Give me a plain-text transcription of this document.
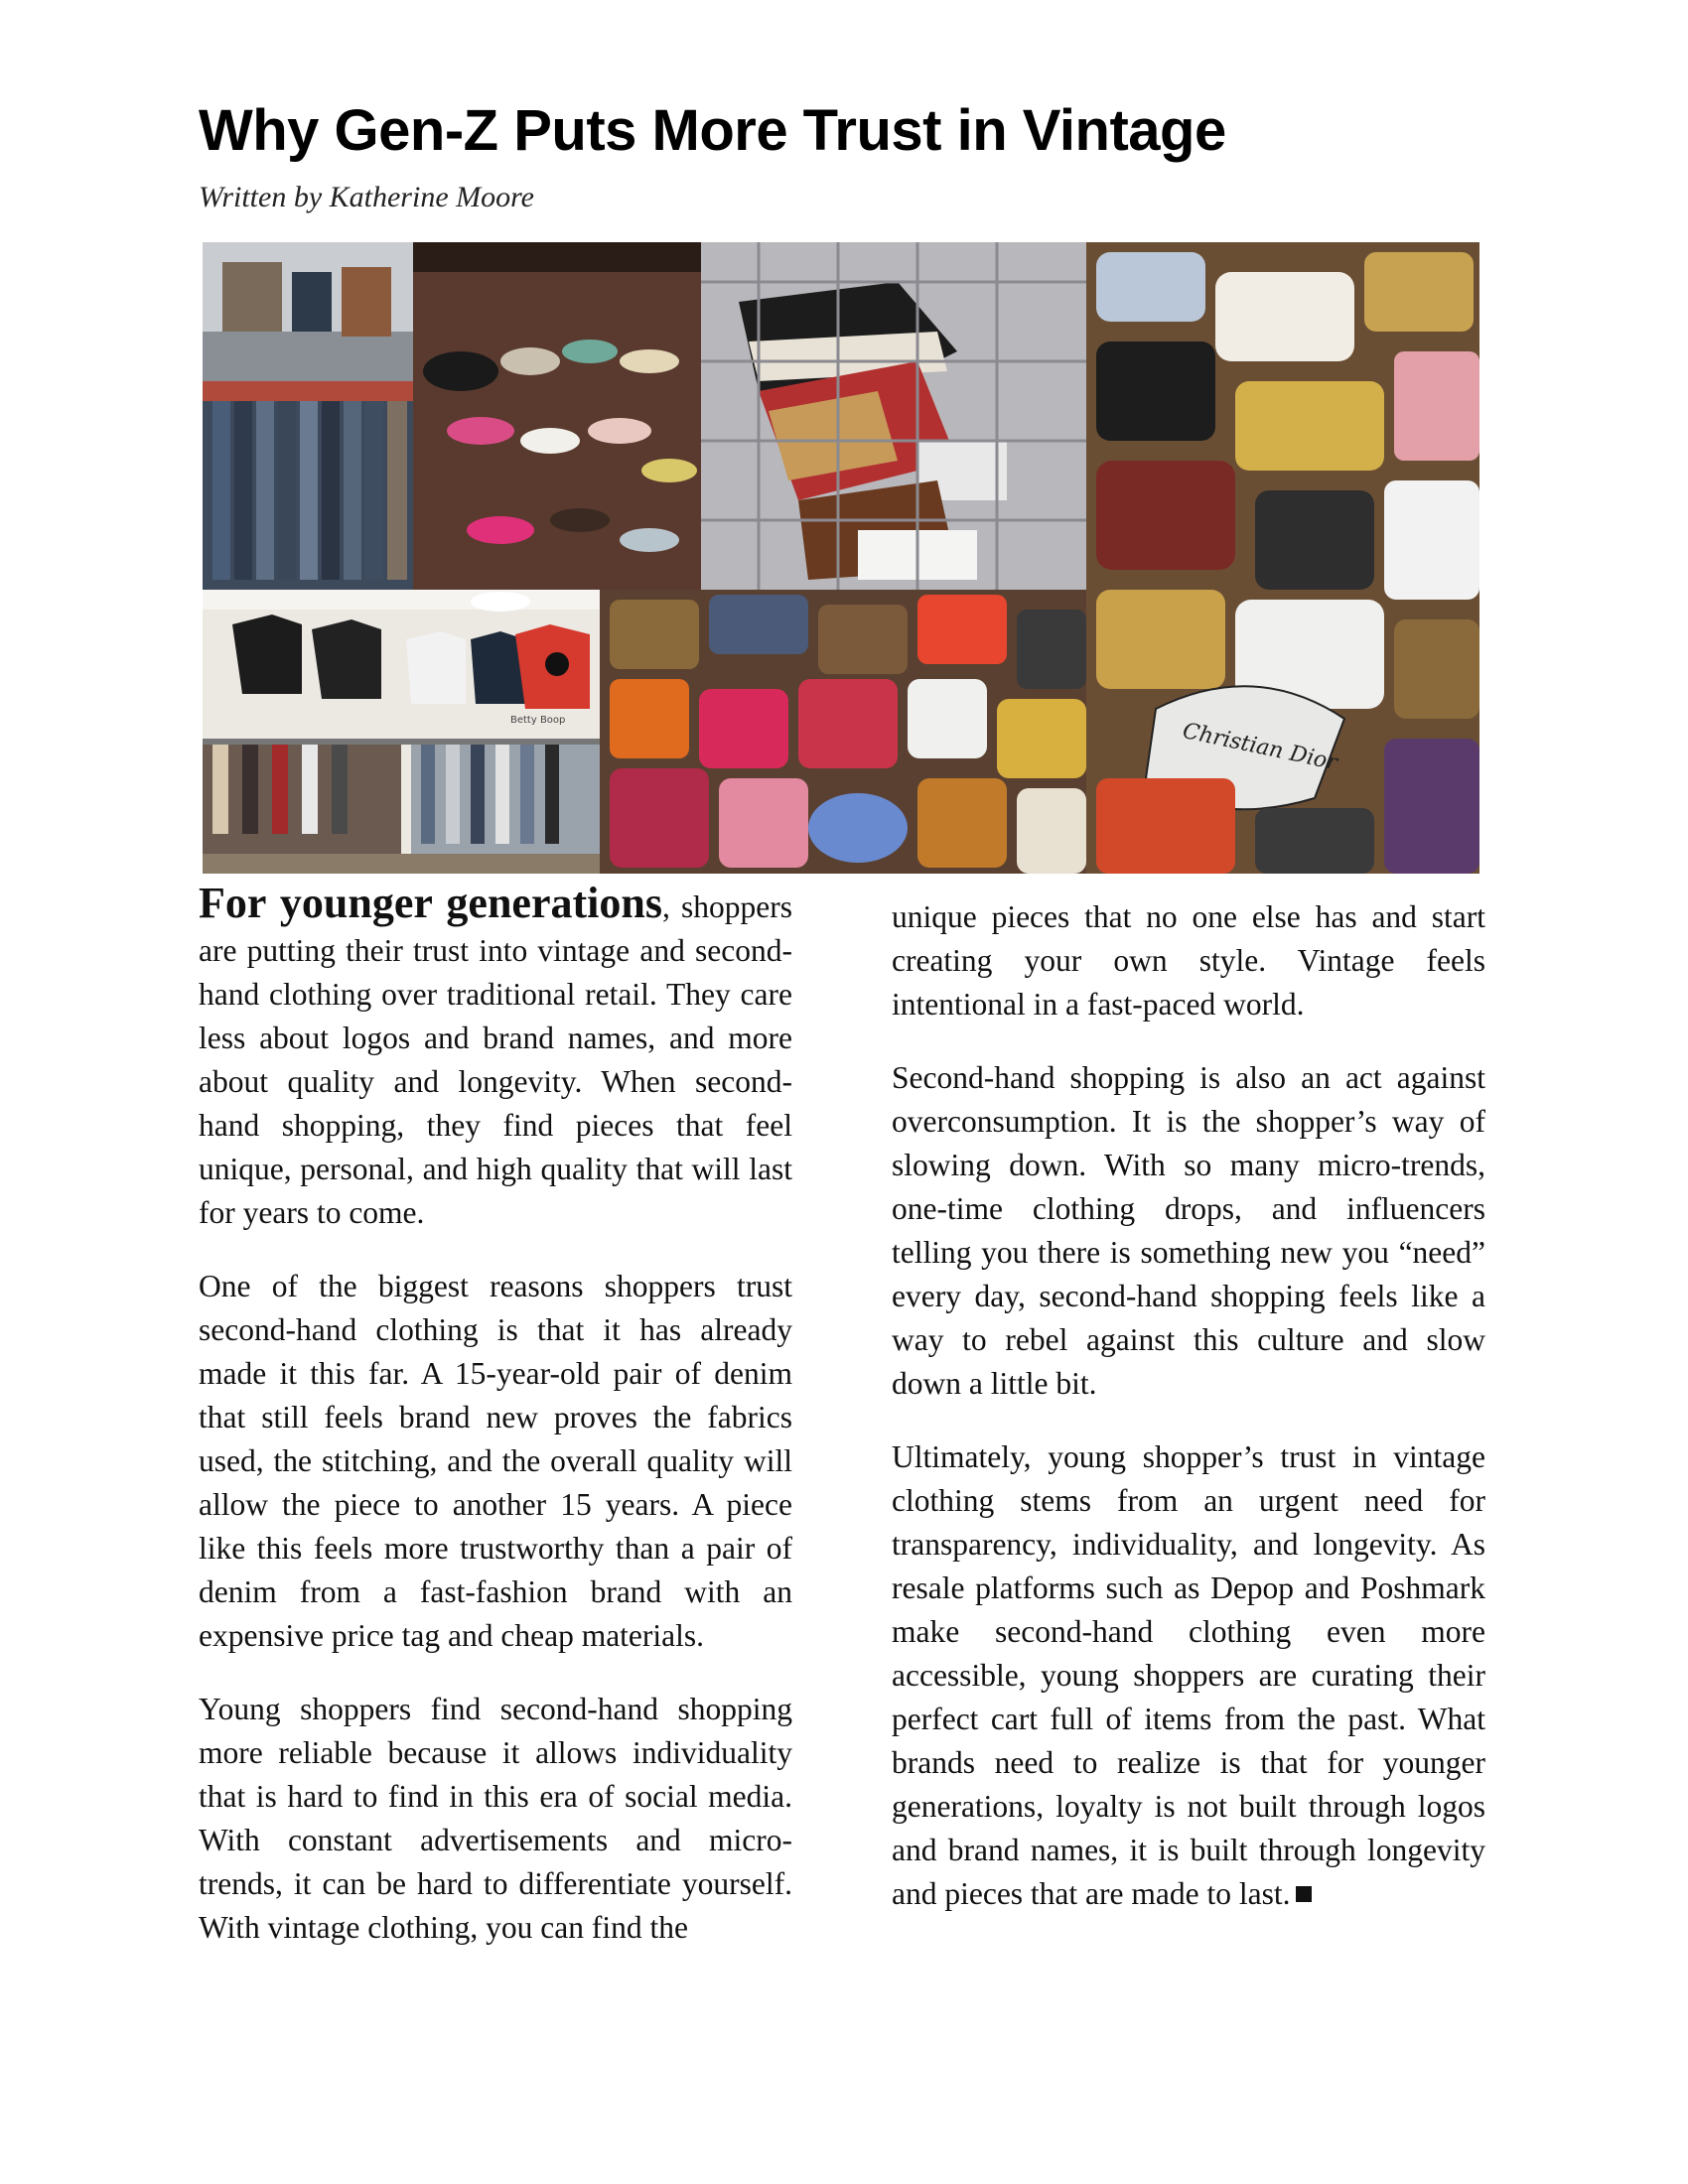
Why Gen-Z Puts More Trust in Vintage

Written by Katherine Moore

Christian Dior
Betty Boop

For younger generations, shoppers are putting their trust into vintage and second-hand clothing over traditional retail. They care less about logos and brand names, and more about quality and longevity. When second-hand shopping, they find pieces that feel unique, personal, and high quality that will last for years to come.

One of the biggest reasons shoppers trust second-hand clothing is that it has already made it this far. A 15-year-old pair of denim that still feels brand new proves the fabrics used, the stitching, and the overall quality will allow the piece to another 15 years. A piece like this feels more trustworthy than a pair of denim from a fast-fashion brand with an expensive price tag and cheap materials.

Young shoppers find second-hand shopping more reliable because it allows individuality that is hard to find in this era of social media. With constant advertisements and micro-trends, it can be hard to differentiate yourself. With vintage clothing, you can find the

unique pieces that no one else has and start creating your own style. Vintage feels intentional in a fast-paced world.

Second-hand shopping is also an act against overconsumption. It is the shopper’s way of slowing down. With so many micro-trends, one-time clothing drops, and influencers telling you there is something new you “need” every day, second-hand shopping feels like a way to rebel against this culture and slow down a little bit.

Ultimately, young shopper’s trust in vintage clothing stems from an urgent need for transparency, individuality, and longevity. As resale platforms such as Depop and Poshmark make second-hand clothing even more accessible, young shoppers are curating their perfect cart full of items from the past. What brands need to realize is that for younger generations, loyalty is not built through logos and brand names, it is built through longevity and pieces that are made to last.
